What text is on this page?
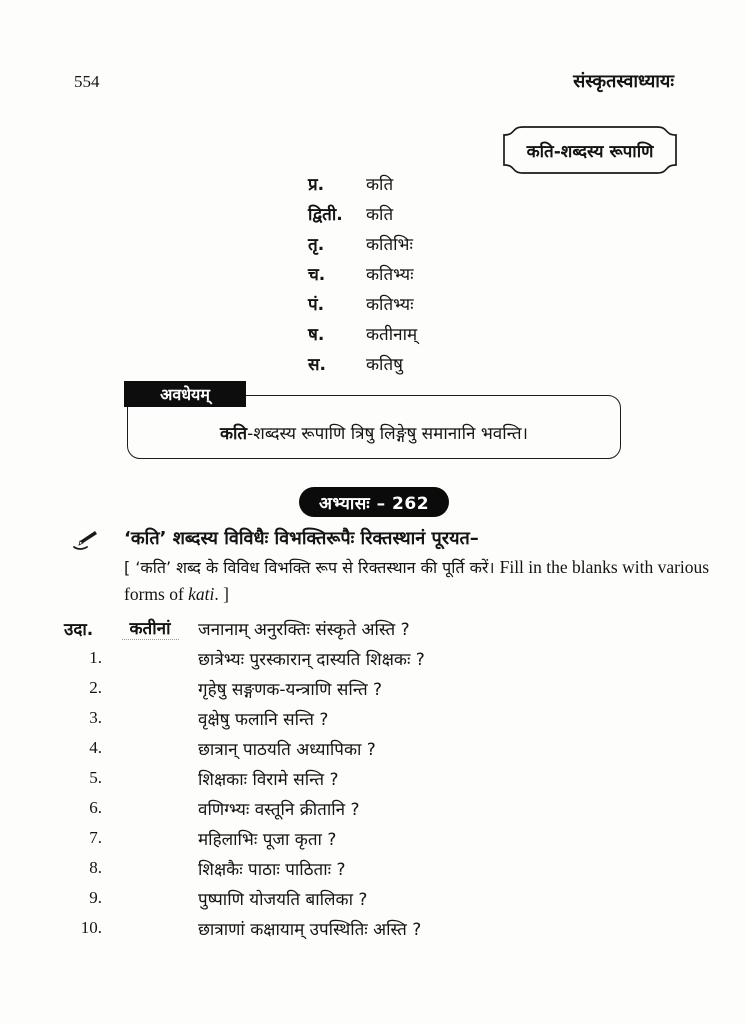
554	संस्कृतस्वाध्यायः
कति-शब्दस्य रूपाणि
प्र.	कति
द्विती.	कति
तृ.	कतिभिः
च.	कतिभ्यः
पं.	कतिभ्यः
ष.	कतीनाम्
स.	कतिषु
अवधेयम्
कति-शब्दस्य रूपाणि त्रिषु लिङ्गेषु समानानि भवन्ति।
अभ्यासः – 262
‘कति’ शब्दस्य विविधैः विभक्तिरूपैः रिक्तस्थानं पूरयत–
[ ‘कति’ शब्द के विविध विभक्ति रूप से रिक्तस्थान की पूर्ति करें। Fill in the blanks with various forms of kati. ]
उदा.	कतीनां	जनानाम् अनुरक्तिः संस्कृते अस्ति ?
1.	छात्रेभ्यः पुरस्कारान् दास्यति शिक्षकः ?
2.	गृहेषु सङ्गणक-यन्त्राणि सन्ति ?
3.	वृक्षेषु फलानि सन्ति ?
4.	छात्रान् पाठयति अध्यापिका ?
5.	शिक्षकाः विरामे सन्ति ?
6.	वणिग्भ्यः वस्तूनि क्रीतानि ?
7.	महिलाभिः पूजा कृता ?
8.	शिक्षकैः पाठाः पाठिताः ?
9.	पुष्पाणि योजयति बालिका ?
10.	छात्राणां कक्षायाम् उपस्थितिः अस्ति ?
